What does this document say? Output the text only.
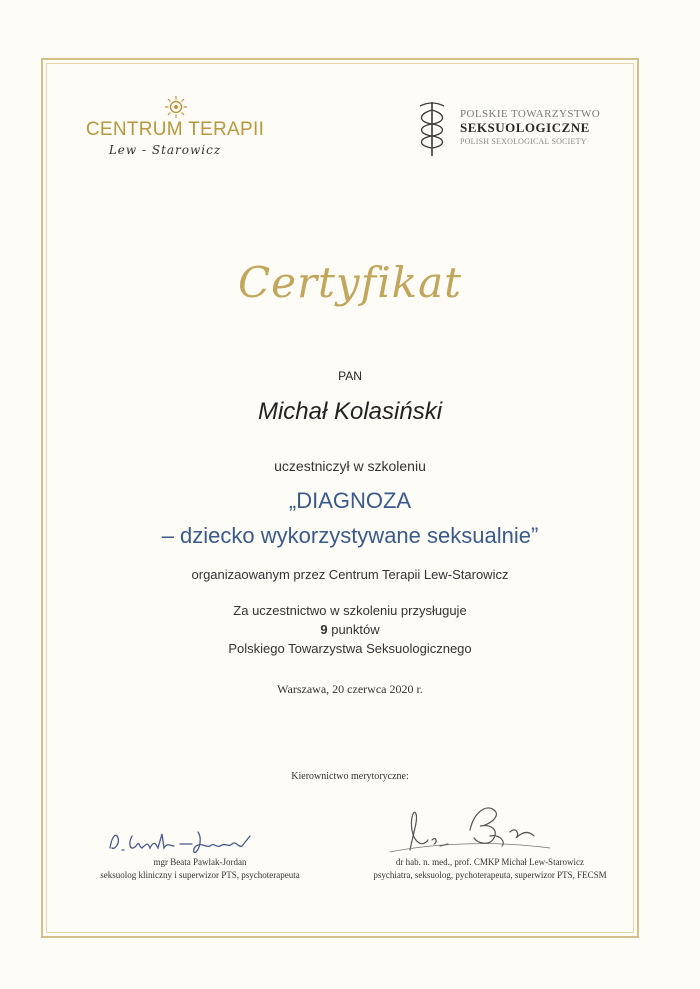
CENTRUM TERAPII
Lew - Starowicz
POLSKIE TOWARZYSTWO
SEKSUOLOGICZNE
POLISH SEXOLOGICAL SOCIETY
Certyfikat
PAN
Michał Kolasiński
uczestniczył w szkoleniu
„DIAGNOZA
– dziecko wykorzystywane seksualnie”
organizaowanym przez Centrum Terapii Lew-Starowicz
Za uczestnictwo w szkoleniu przysługuje
9 punktów
Polskiego Towarzystwa Seksuologicznego
Warszawa, 20 czerwca 2020 r.
Kierownictwo merytoryczne:
mgr Beata Pawlak-Jordan
seksuolog kliniczny i superwizor PTS, psychoterapeuta
dr hab. n. med., prof. CMKP Michał Lew-Starowicz
psychiatra, seksuolog, pychoterapeuta, superwizor PTS, FECSM
